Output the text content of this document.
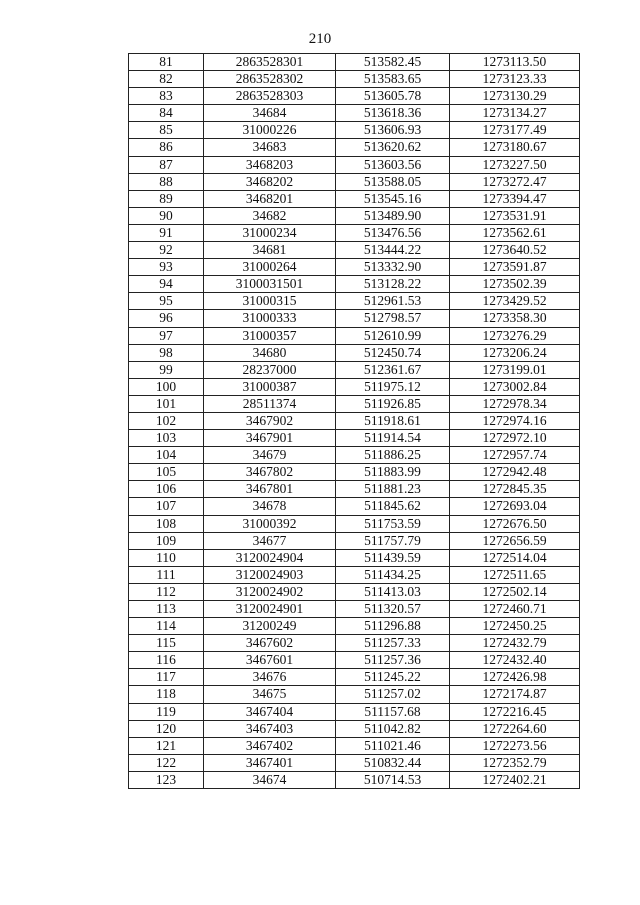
210
81	2863528301	513582.45	1273113.50
82	2863528302	513583.65	1273123.33
83	2863528303	513605.78	1273130.29
84	34684	513618.36	1273134.27
85	31000226	513606.93	1273177.49
86	34683	513620.62	1273180.67
87	3468203	513603.56	1273227.50
88	3468202	513588.05	1273272.47
89	3468201	513545.16	1273394.47
90	34682	513489.90	1273531.91
91	31000234	513476.56	1273562.61
92	34681	513444.22	1273640.52
93	31000264	513332.90	1273591.87
94	3100031501	513128.22	1273502.39
95	31000315	512961.53	1273429.52
96	31000333	512798.57	1273358.30
97	31000357	512610.99	1273276.29
98	34680	512450.74	1273206.24
99	28237000	512361.67	1273199.01
100	31000387	511975.12	1273002.84
101	28511374	511926.85	1272978.34
102	3467902	511918.61	1272974.16
103	3467901	511914.54	1272972.10
104	34679	511886.25	1272957.74
105	3467802	511883.99	1272942.48
106	3467801	511881.23	1272845.35
107	34678	511845.62	1272693.04
108	31000392	511753.59	1272676.50
109	34677	511757.79	1272656.59
110	3120024904	511439.59	1272514.04
111	3120024903	511434.25	1272511.65
112	3120024902	511413.03	1272502.14
113	3120024901	511320.57	1272460.71
114	31200249	511296.88	1272450.25
115	3467602	511257.33	1272432.79
116	3467601	511257.36	1272432.40
117	34676	511245.22	1272426.98
118	34675	511257.02	1272174.87
119	3467404	511157.68	1272216.45
120	3467403	511042.82	1272264.60
121	3467402	511021.46	1272273.56
122	3467401	510832.44	1272352.79
123	34674	510714.53	1272402.21
